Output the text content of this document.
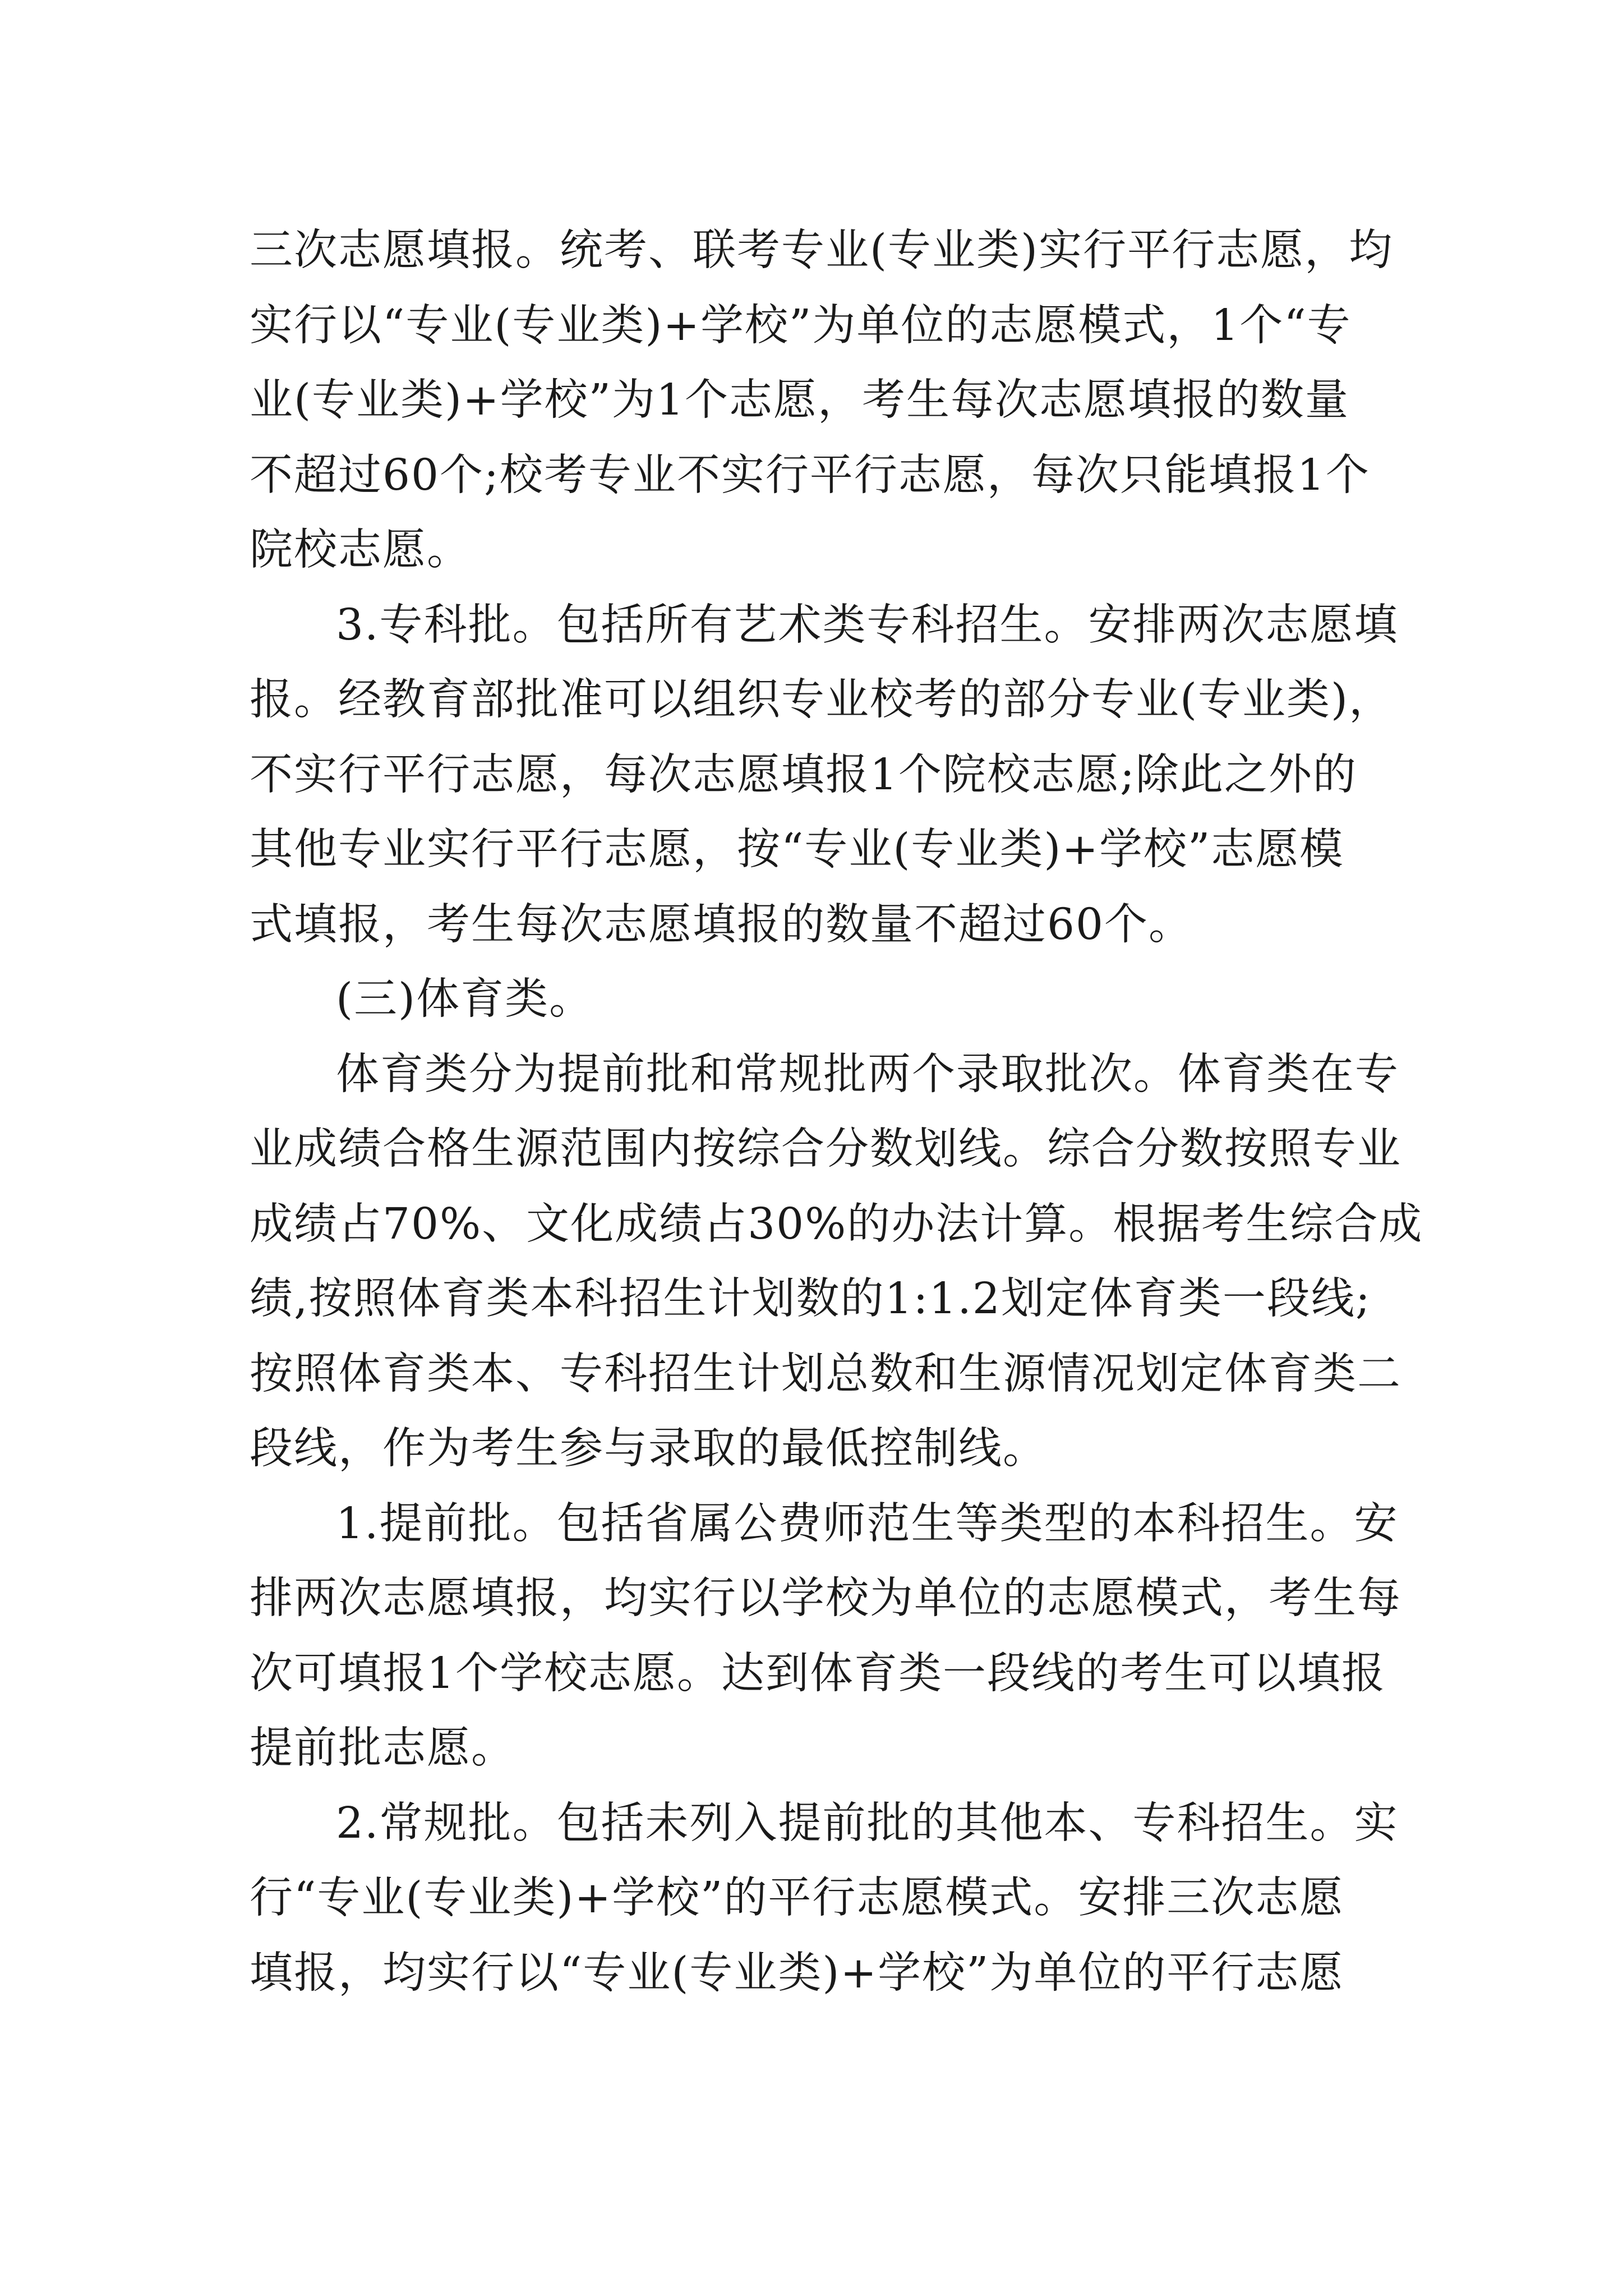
三次志愿填报。统考、联考专业(专业类)实行平行志愿，均
实行以“专业(专业类)+学校”为单位的志愿模式，1个“专
业(专业类)+学校”为1个志愿，考生每次志愿填报的数量
不超过60个;校考专业不实行平行志愿，每次只能填报1个
院校志愿。
3.专科批。包括所有艺术类专科招生。安排两次志愿填
报。经教育部批准可以组织专业校考的部分专业(专业类)，
不实行平行志愿，每次志愿填报1个院校志愿;除此之外的
其他专业实行平行志愿，按“专业(专业类)+学校”志愿模
式填报，考生每次志愿填报的数量不超过60个。
(三)体育类。
体育类分为提前批和常规批两个录取批次。体育类在专
业成绩合格生源范围内按综合分数划线。综合分数按照专业
成绩占70%、文化成绩占30%的办法计算。根据考生综合成
绩,按照体育类本科招生计划数的1:1.2划定体育类一段线;
按照体育类本、专科招生计划总数和生源情况划定体育类二
段线，作为考生参与录取的最低控制线。
1.提前批。包括省属公费师范生等类型的本科招生。安
排两次志愿填报，均实行以学校为单位的志愿模式，考生每
次可填报1个学校志愿。达到体育类一段线的考生可以填报
提前批志愿。
2.常规批。包括未列入提前批的其他本、专科招生。实
行“专业(专业类)+学校”的平行志愿模式。安排三次志愿
填报，均实行以“专业(专业类)+学校”为单位的平行志愿
